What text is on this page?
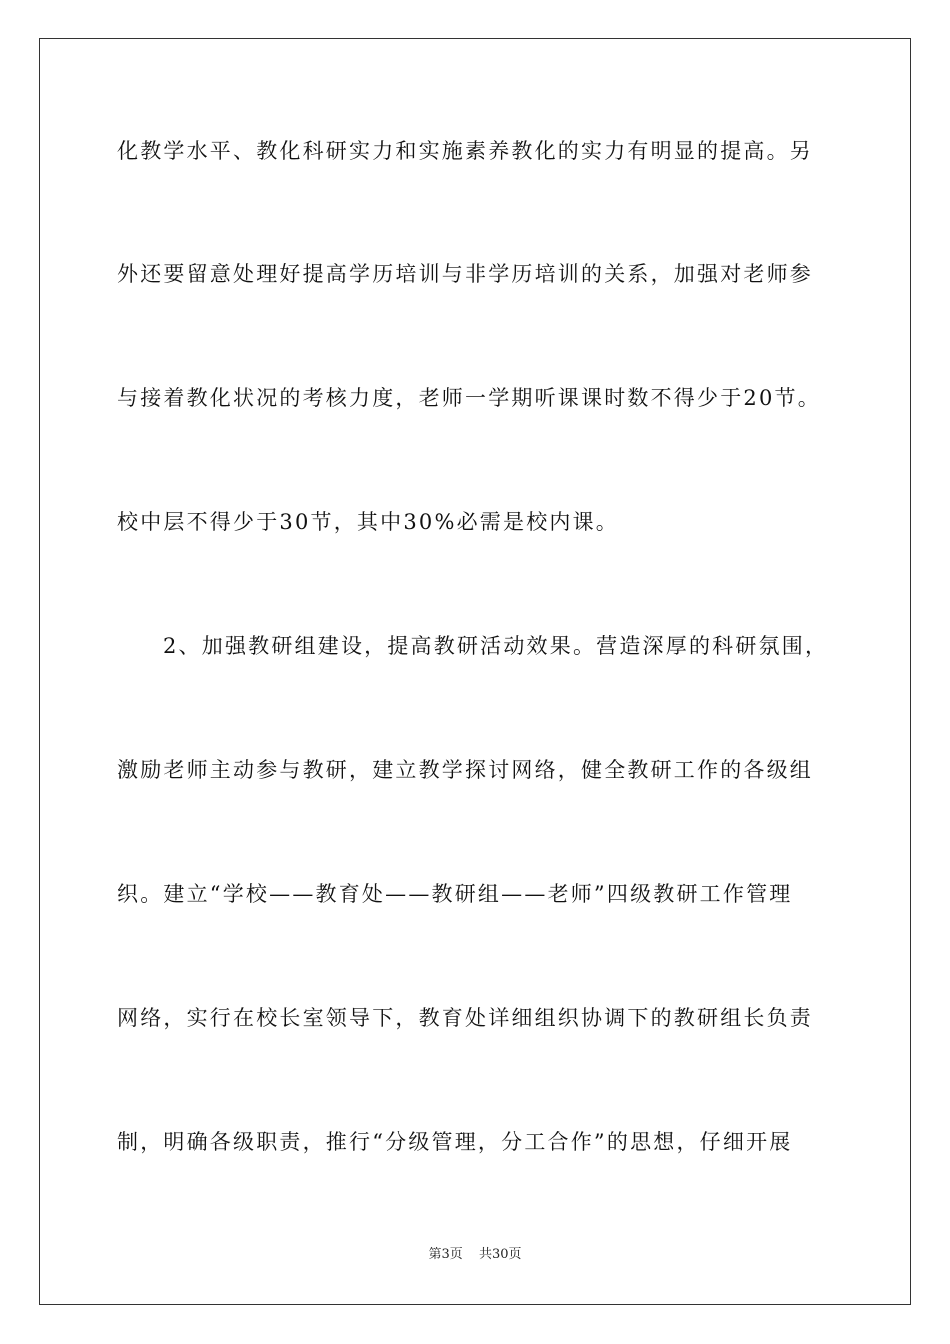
化教学水平、教化科研实力和实施素养教化的实力有明显的提高。另
外还要留意处理好提高学历培训与非学历培训的关系，加强对老师参
与接着教化状况的考核力度，老师一学期听课课时数不得少于20节。
校中层不得少于30节，其中30%必需是校内课。
2、加强教研组建设，提高教研活动效果。营造深厚的科研氛围，
激励老师主动参与教研，建立教学探讨网络，健全教研工作的各级组
织。建立“学校——教育处——教研组——老师”四级教研工作管理
网络，实行在校长室领导下，教育处详细组织协调下的教研组长负责
制，明确各级职责，推行“分级管理，分工合作”的思想，仔细开展
第3页 共30页
